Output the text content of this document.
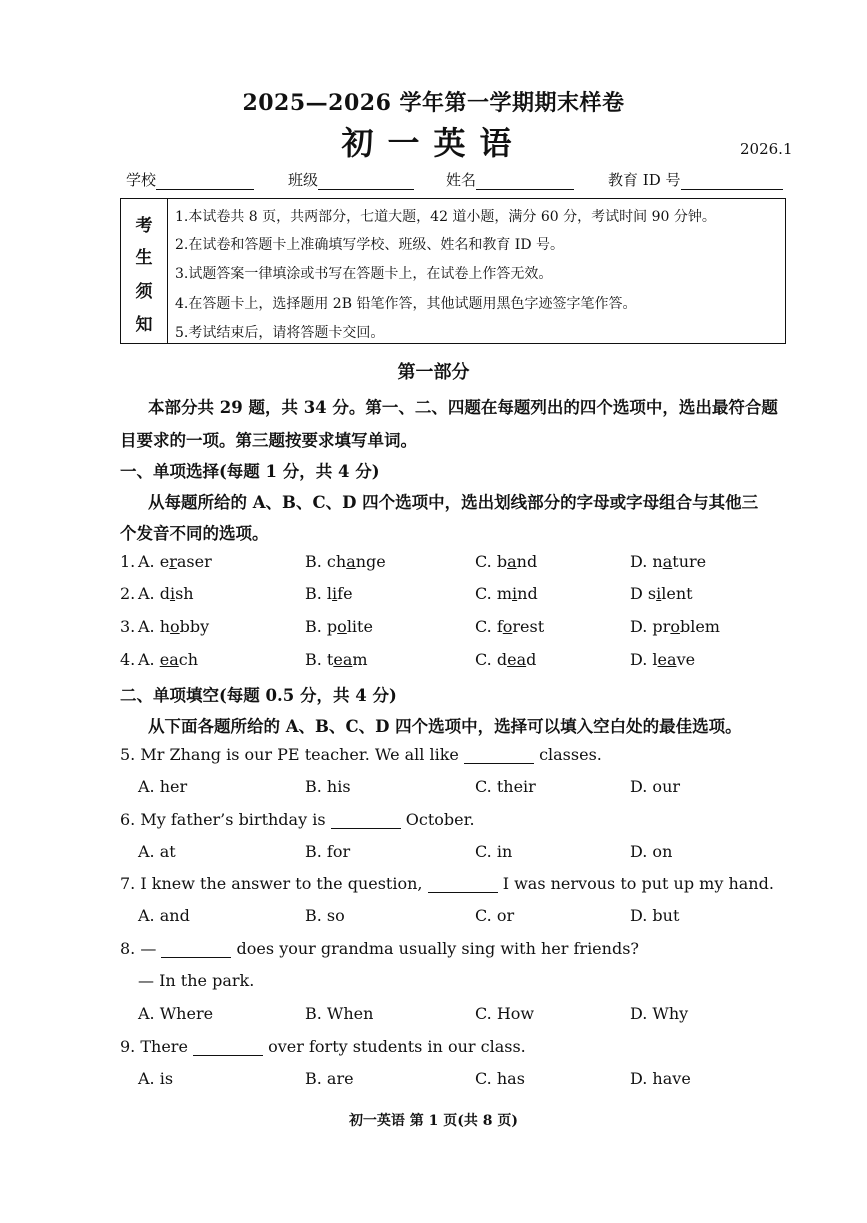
2025—2026 学年第一学期期末样卷
初一英语	2026.1
学校	班级	姓名	教育 ID 号
考
生
须
知
1.本试卷共 8 页，共两部分，七道大题，42 道小题，满分 60 分，考试时间 90 分钟。
2.在试卷和答题卡上准确填写学校、班级、姓名和教育 ID 号。
3.试题答案一律填涂或书写在答题卡上，在试卷上作答无效。
4.在答题卡上，选择题用 2B 铅笔作答，其他试题用黑色字迹签字笔作答。
5.考试结束后，请将答题卡交回。
第一部分
本部分共 29 题，共 34 分。第一、二、四题在每题列出的四个选项中，选出最符合题
目要求的一项。第三题按要求填写单词。
一、单项选择(每题 1 分，共 4 分)
从每题所给的 A、B、C、D 四个选项中，选出划线部分的字母或字母组合与其他三
个发音不同的选项。
1. A. eraser	B. change	C. band	D. nature
2. A. dish	B. life	C. mind	D silent
3. A. hobby	B. polite	C. forest	D. problem
4. A. each	B. team	C. dead	D. leave
二、单项填空(每题 0.5 分，共 4 分)
从下面各题所给的 A、B、C、D 四个选项中，选择可以填入空白处的最佳选项。
5. Mr Zhang is our PE teacher. We all like	classes.
A. her	B. his	C. their	D. our
6. My father’s birthday is	October.
A. at	B. for	C. in	D. on
7. I knew the answer to the question,	I was nervous to put up my hand.
A. and	B. so	C. or	D. but
8. —	does your grandma usually sing with her friends?
— In the park.
A. Where	B. When	C. How	D. Why
9. There	over forty students in our class.
A. is	B. are	C. has	D. have
初一英语 第 1 页(共 8 页)
